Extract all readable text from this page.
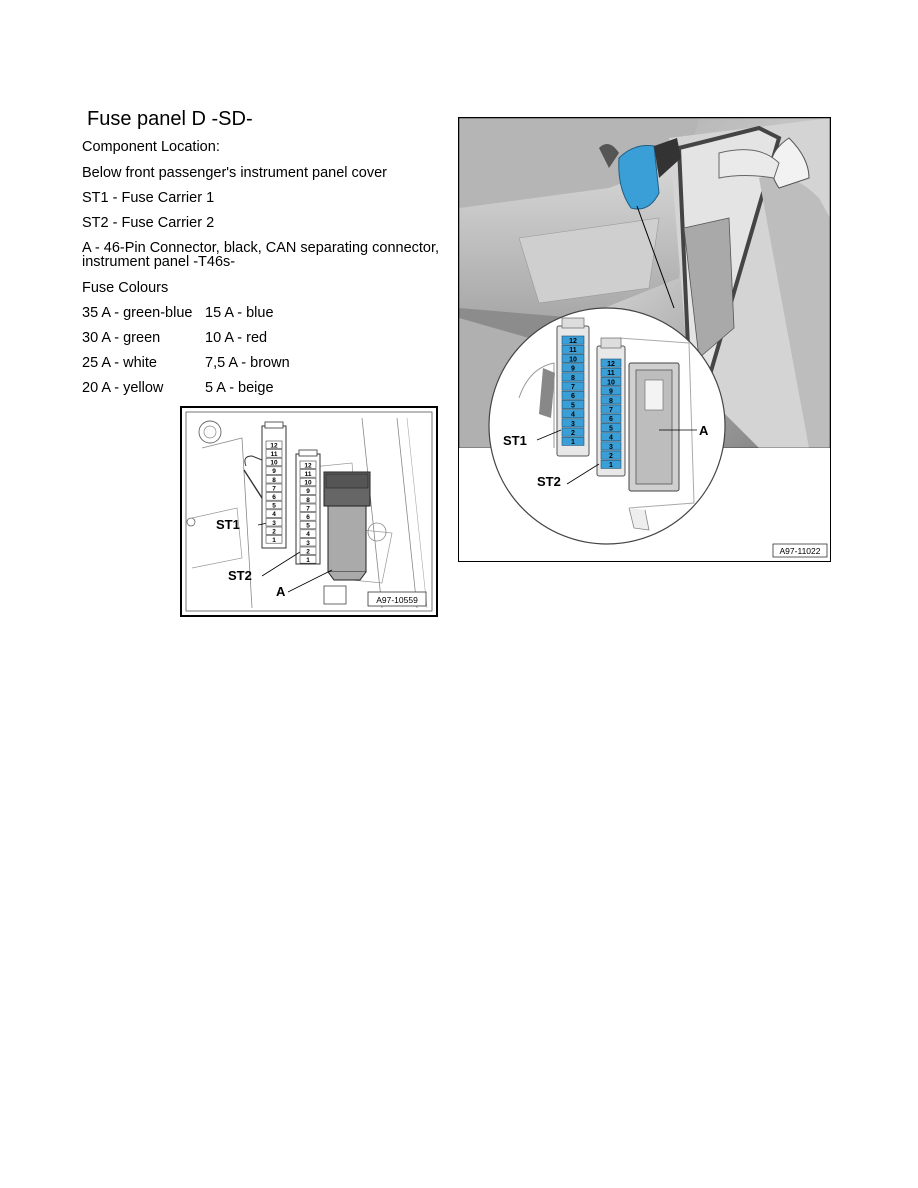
Fuse panel D -SD-
Component Location:
Below front passenger's instrument panel cover
ST1 - Fuse Carrier 1
ST2 - Fuse Carrier 2
A - 46-Pin Connector, black, CAN separating connector,
instrument panel -T46s-
Fuse Colours
35 A - green-blue 15 A - blue
30 A - green	10 A - red
25 A - white	7,5 A - brown
20 A - yellow	5 A - beige
12
11
10
9
8
7
6
5
4
3
2
1
12
11
10
9
8
7
6
5
4
3
2
1
ST1
ST2
A
A97-10559
12
11
10
9
8
7
6
5
4
3
2
1
12
11
10
9
8
7
6
5
4
3
2
1
ST1
ST2
A
A97-11022
